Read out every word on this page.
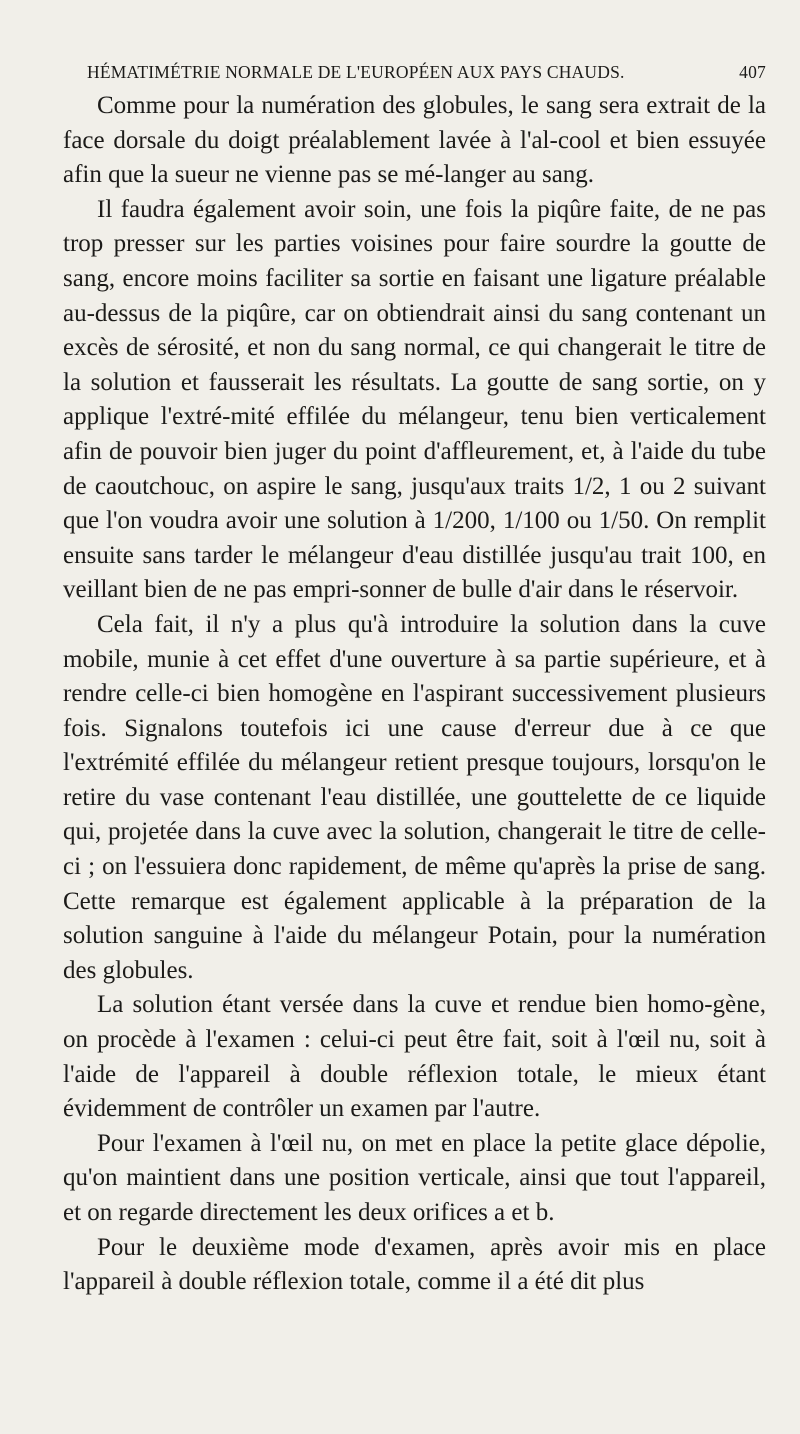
HÉMATIMÉTRIE NORMALE DE L'EUROPÉEN AUX PAYS CHAUDS.	407

Comme pour la numération des globules, le sang sera extrait de la face dorsale du doigt préalablement lavée à l'al-cool et bien essuyée afin que la sueur ne vienne pas se mé-langer au sang.

Il faudra également avoir soin, une fois la piqûre faite, de ne pas trop presser sur les parties voisines pour faire sourdre la goutte de sang, encore moins faciliter sa sortie en faisant une ligature préalable au-dessus de la piqûre, car on obtiendrait ainsi du sang contenant un excès de sérosité, et non du sang normal, ce qui changerait le titre de la solution et fausserait les résultats. La goutte de sang sortie, on y applique l'extré-mité effilée du mélangeur, tenu bien verticalement afin de pouvoir bien juger du point d'affleurement, et, à l'aide du tube de caoutchouc, on aspire le sang, jusqu'aux traits 1/2, 1 ou 2 suivant que l'on voudra avoir une solution à 1/200, 1/100 ou 1/50. On remplit ensuite sans tarder le mélangeur d'eau distillée jusqu'au trait 100, en veillant bien de ne pas empri-sonner de bulle d'air dans le réservoir.

Cela fait, il n'y a plus qu'à introduire la solution dans la cuve mobile, munie à cet effet d'une ouverture à sa partie supérieure, et à rendre celle-ci bien homogène en l'aspirant successivement plusieurs fois. Signalons toutefois ici une cause d'erreur due à ce que l'extrémité effilée du mélangeur retient presque toujours, lorsqu'on le retire du vase contenant l'eau distillée, une gouttelette de ce liquide qui, projetée dans la cuve avec la solution, changerait le titre de celle-ci ; on l'essuiera donc rapidement, de même qu'après la prise de sang. Cette remarque est également applicable à la préparation de la solution sanguine à l'aide du mélangeur Potain, pour la numération des globules.

La solution étant versée dans la cuve et rendue bien homo-gène, on procède à l'examen : celui-ci peut être fait, soit à l'œil nu, soit à l'aide de l'appareil à double réflexion totale, le mieux étant évidemment de contrôler un examen par l'autre.

Pour l'examen à l'œil nu, on met en place la petite glace dépolie, qu'on maintient dans une position verticale, ainsi que tout l'appareil, et on regarde directement les deux orifices a et b.

Pour le deuxième mode d'examen, après avoir mis en place l'appareil à double réflexion totale, comme il a été dit plus
